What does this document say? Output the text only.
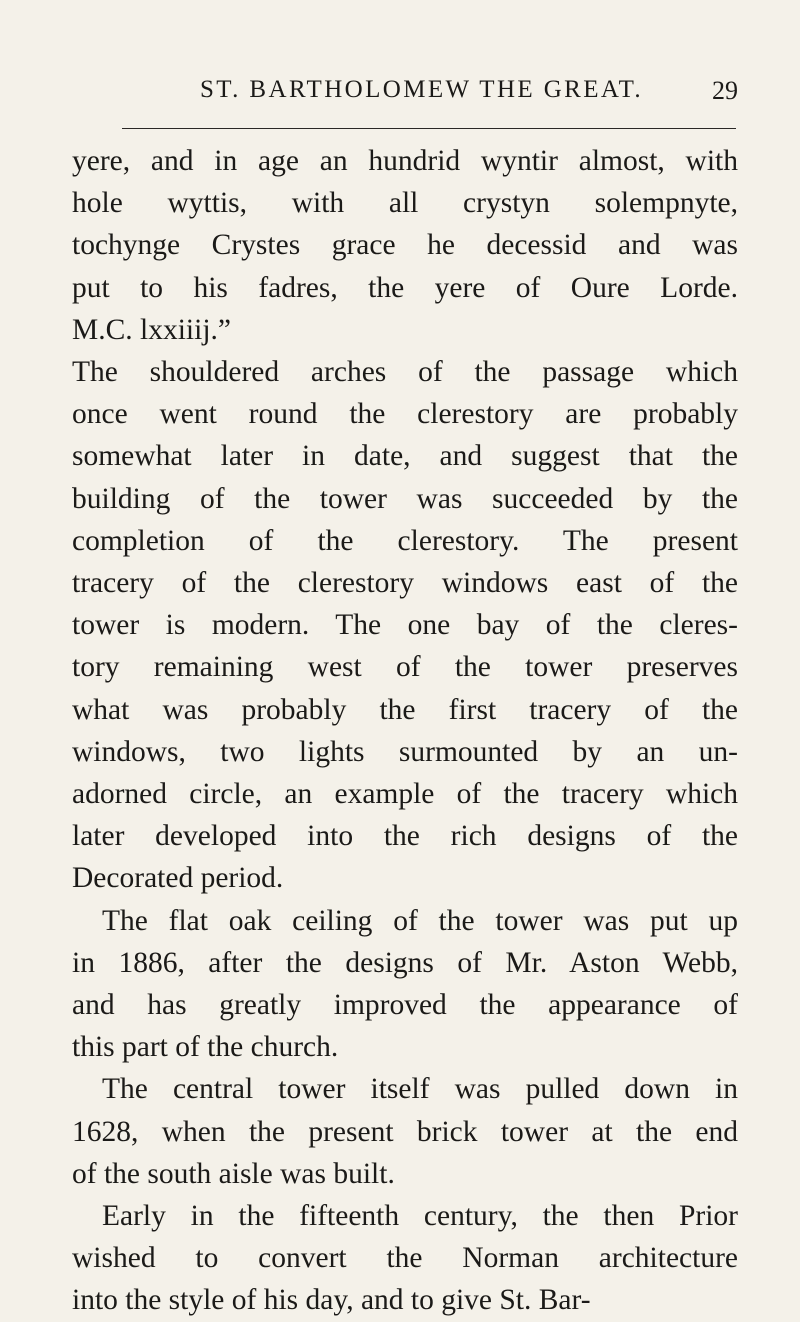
ST. BARTHOLOMEW THE GREAT.	29
yere, and in age an hundrid wyntir almost, with
hole wyttis, with all crystyn solempnyte,
tochynge Crystes grace he decessid and was
put to his fadres, the yere of Oure Lorde.
M.C. lxxiiij.”
The shouldered arches of the passage which
once went round the clerestory are probably
somewhat later in date, and suggest that the
building of the tower was succeeded by the
completion of the clerestory. The present
tracery of the clerestory windows east of the
tower is modern. The one bay of the cleres-
tory remaining west of the tower preserves
what was probably the first tracery of the
windows, two lights surmounted by an un-
adorned circle, an example of the tracery which
later developed into the rich designs of the
Decorated period.
The flat oak ceiling of the tower was put up
in 1886, after the designs of Mr. Aston Webb,
and has greatly improved the appearance of
this part of the church.
The central tower itself was pulled down in
1628, when the present brick tower at the end
of the south aisle was built.
Early in the fifteenth century, the then Prior
wished to convert the Norman architecture
into the style of his day, and to give St. Bar-
